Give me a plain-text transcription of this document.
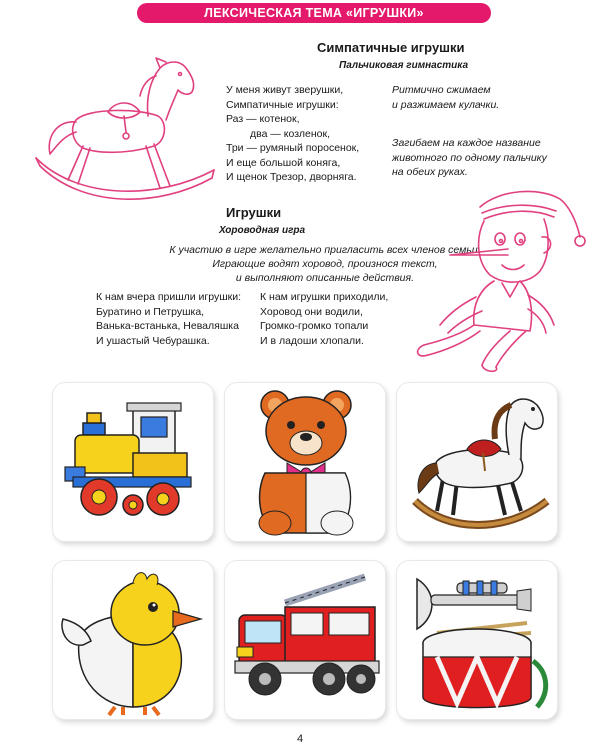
ЛЕКСИЧЕСКАЯ ТЕМА «ИГРУШКИ»
Симпатичные игрушки
Пальчиковая гимнастика
У меня живут зверушки,
Симпатичные игрушки:
Раз — котенок,
два — козленок,
Три — румяный поросенок,
И еще большой коняга,
И щенок Трезор, дворняга.
Ритмично сжимаем
и разжимаем кулачки.
Загибаем на каждое название
животного по одному пальчику
на обеих руках.
Игрушки
Хороводная игра
К участию в игре желательно пригласить всех членов семьи.
Играющие водят хоровод, произнося текст,
и выполняют описанные действия.
К нам вчера пришли игрушки:
Буратино и Петрушка,
Ванька-встанька, Неваляшка
И ушастый Чебурашка.
К нам игрушки приходили,
Хоровод они водили,
Громко-громко топали
И в ладоши хлопали.
4
